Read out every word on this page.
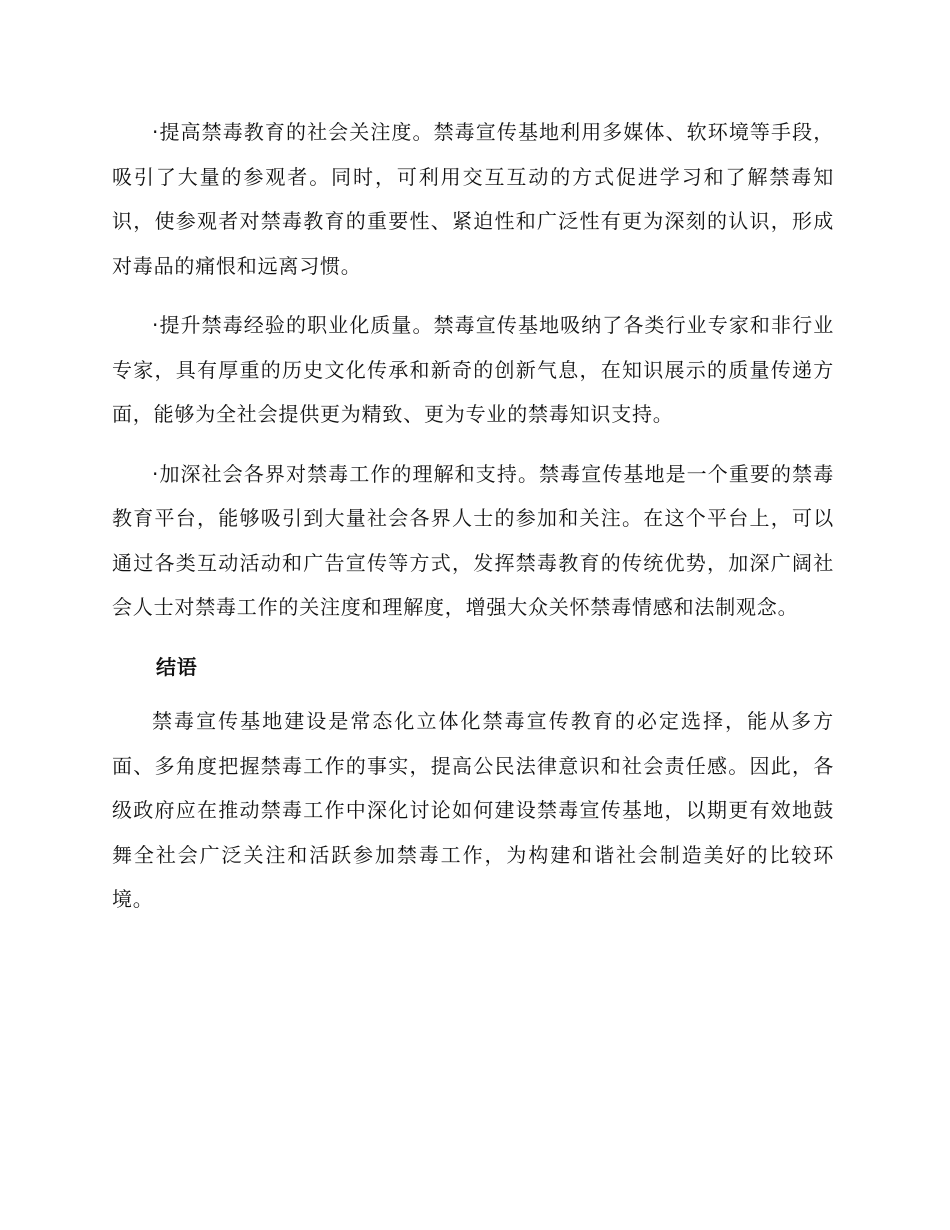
·提高禁毒教育的社会关注度。禁毒宣传基地利用多媒体、软环境等手段，吸引了大量的参观者。同时，可利用交互互动的方式促进学习和了解禁毒知识，使参观者对禁毒教育的重要性、紧迫性和广泛性有更为深刻的认识，形成对毒品的痛恨和远离习惯。

·提升禁毒经验的职业化质量。禁毒宣传基地吸纳了各类行业专家和非行业专家，具有厚重的历史文化传承和新奇的创新气息，在知识展示的质量传递方面，能够为全社会提供更为精致、更为专业的禁毒知识支持。

·加深社会各界对禁毒工作的理解和支持。禁毒宣传基地是一个重要的禁毒教育平台，能够吸引到大量社会各界人士的参加和关注。在这个平台上，可以通过各类互动活动和广告宣传等方式，发挥禁毒教育的传统优势，加深广阔社会人士对禁毒工作的关注度和理解度，增强大众关怀禁毒情感和法制观念。

结语

禁毒宣传基地建设是常态化立体化禁毒宣传教育的必定选择，能从多方面、多角度把握禁毒工作的事实，提高公民法律意识和社会责任感。因此，各级政府应在推动禁毒工作中深化讨论如何建设禁毒宣传基地，以期更有效地鼓舞全社会广泛关注和活跃参加禁毒工作，为构建和谐社会制造美好的比较环境。
